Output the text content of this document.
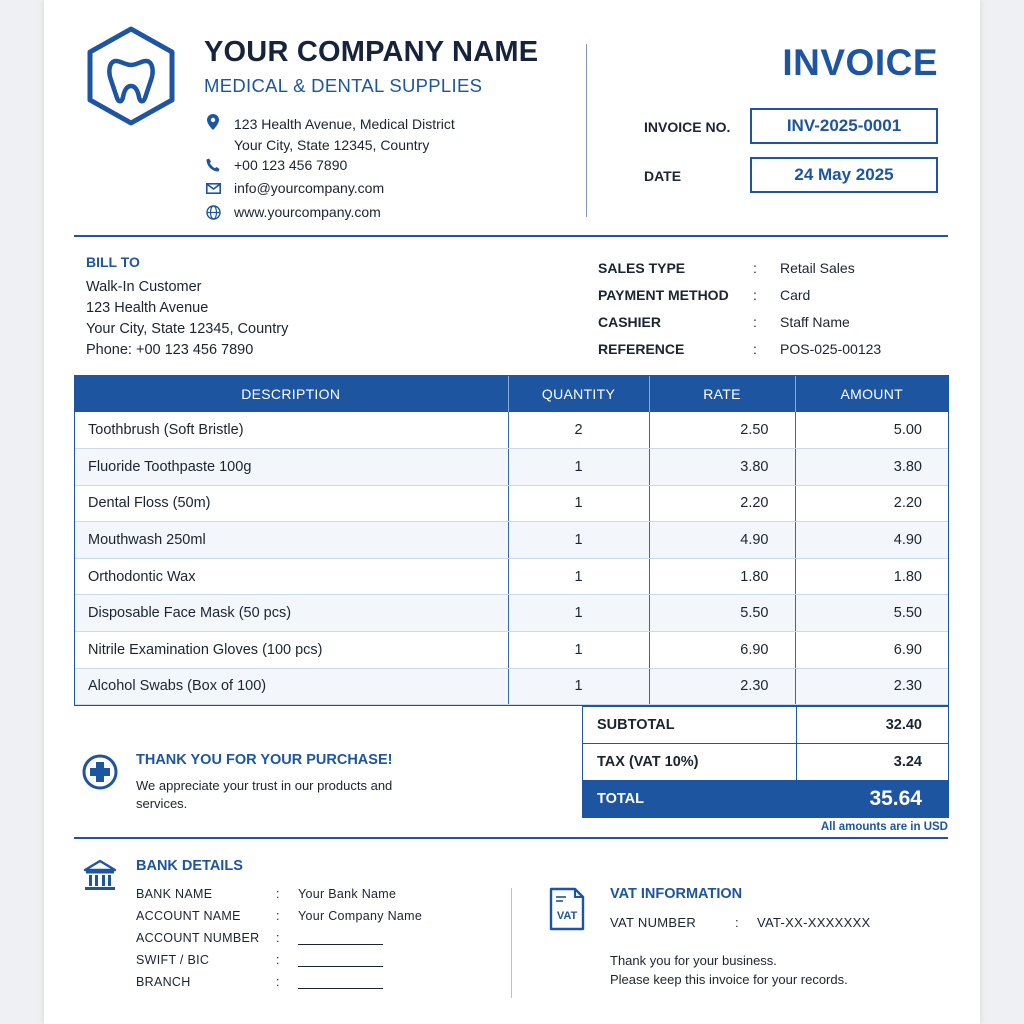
YOUR COMPANY NAME
MEDICAL & DENTAL SUPPLIES
123 Health Avenue, Medical District
Your City, State 12345, Country
+00 123 456 7890
info@yourcompany.com
www.yourcompany.com
INVOICE
INVOICE NO.	INV-2025-0001
DATE	24 May 2025
BILL TO
Walk-In Customer
123 Health Avenue
Your City, State 12345, Country
Phone: +00 123 456 7890
SALES TYPE	:	Retail Sales
PAYMENT METHOD	:	Card
CASHIER	:	Staff Name
REFERENCE	:	POS-025-00123
DESCRIPTION	QUANTITY	RATE	AMOUNT
Toothbrush (Soft Bristle)	2	2.50	5.00
Fluoride Toothpaste 100g	1	3.80	3.80
Dental Floss (50m)	1	2.20	2.20
Mouthwash 250ml	1	4.90	4.90
Orthodontic Wax	1	1.80	1.80
Disposable Face Mask (50 pcs)	1	5.50	5.50
Nitrile Examination Gloves (100 pcs)	1	6.90	6.90
Alcohol Swabs (Box of 100)	1	2.30	2.30
SUBTOTAL	32.40
TAX (VAT 10%)	3.24
TOTAL	35.64
All amounts are in USD
THANK YOU FOR YOUR PURCHASE!
We appreciate your trust in our products and services.
BANK DETAILS
BANK NAME	:	Your Bank Name
ACCOUNT NAME	:	Your Company Name
ACCOUNT NUMBER	:
SWIFT / BIC	:
BRANCH	:
VAT
VAT INFORMATION
VAT NUMBER	:	VAT-XX-XXXXXXX
Thank you for your business.
Please keep this invoice for your records.
